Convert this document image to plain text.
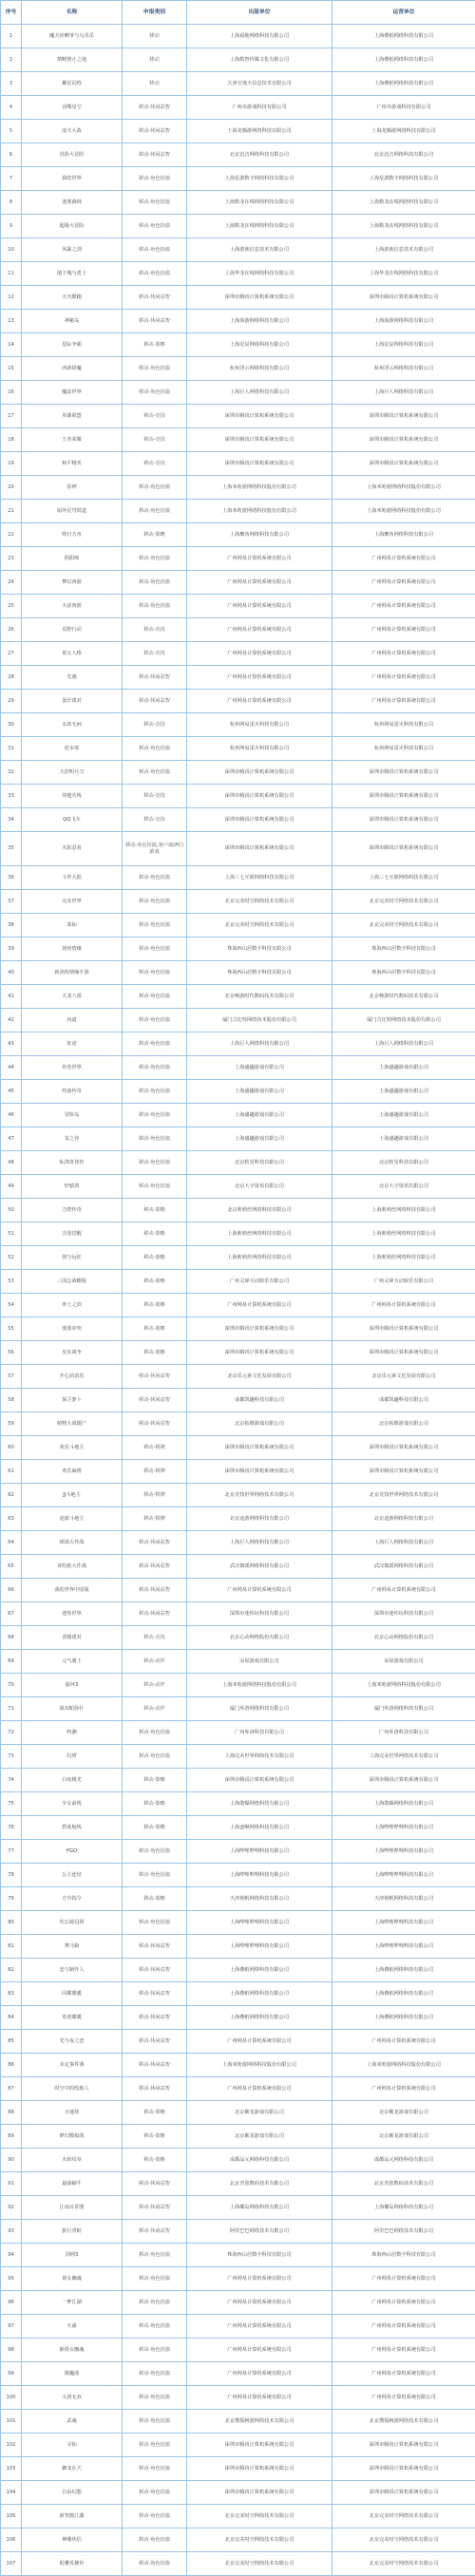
序号	名称	申报类别	出版单位	运营单位
1	魔犬铃啊爷与乌乐乐	移动	上海晨地网络科技有限公司	上海叠纸网络科技有限公司
2	禁断禁止之地	移动	上海数智传媒文化有限公司	上海叠纸网络科技有限公司
3	繁星闪烁	移动	天津宣逸天信息技术有限公司	上海叠纸网络科技有限公司
4	吞噬星空	移动-休闲益智	广州市游戏科技有限公司	广州市游戏科技有限公司
5	凌犬大战	移动-休闲益智	上海龙腾游网络科技有限公司	上海龙腾游网络科技有限公司
6	冒险大冒险	移动-休闲益智	北京迅音网络科技有限公司	北京迅音网络科技有限公司
7	我的世界	移动-角色扮演	上海星游数字网络科技有限公司	上海星游数字网络科技有限公司
8	迷雾森林	移动-角色扮演	上海数龙在线网络科技有限公司	上海数龙在线网络科技有限公司
9	超级大冒险	移动-角色扮演	上海数龙在线网络科技有限公司	上海数龙在线网络科技有限公司
10	风暴之剑	移动-角色扮演	上海游族信息技术有限公司	上海游族信息技术有限公司
11	地下城与勇士	移动-角色扮演	上海华龙在线网络科技有限公司	上海华龙在线网络科技有限公司
12	天天酷跑	移动-休闲益智	深圳市腾讯计算机系统有限公司	深圳市腾讯计算机系统有限公司
13	神秘岛	移动-休闲益智	上海海游网络科技有限公司	上海海游网络科技有限公司
14	星际争霸	移动-策略	上海星辰网络科技有限公司	上海星辰网络科技有限公司
15	西游降魔	移动-角色扮演	杭州浮云网络科技有限公司	杭州浮云网络科技有限公司
16	魔法世界	移动-角色扮演	上海巨人网络科技有限公司	上海巨人网络科技有限公司
17	英雄联盟	移动-竞技	深圳市腾讯计算机系统有限公司	深圳市腾讯计算机系统有限公司
18	王者荣耀	移动-竞技	深圳市腾讯计算机系统有限公司	深圳市腾讯计算机系统有限公司
19	和平精英	移动-竞技	深圳市腾讯计算机系统有限公司	深圳市腾讯计算机系统有限公司
20	原神	移动-角色扮演	上海米哈游网络科技股份有限公司	上海米哈游网络科技股份有限公司
21	崩坏星穹铁道	移动-角色扮演	上海米哈游网络科技股份有限公司	上海米哈游网络科技股份有限公司
22	明日方舟	移动-策略	上海鹰角网络科技有限公司	上海鹰角网络科技有限公司
23	阴阳师	移动-角色扮演	广州网易计算机系统有限公司	广州网易计算机系统有限公司
24	梦幻西游	移动-角色扮演	广州网易计算机系统有限公司	广州网易计算机系统有限公司
25	大话西游	移动-角色扮演	广州网易计算机系统有限公司	广州网易计算机系统有限公司
26	荒野行动	移动-竞技	广州网易计算机系统有限公司	广州网易计算机系统有限公司
27	第五人格	移动-竞技	广州网易计算机系统有限公司	广州网易计算机系统有限公司
28	光遇	移动-休闲益智	广州网易计算机系统有限公司	广州网易计算机系统有限公司
29	蛋仔派对	移动-休闲益智	广州网易计算机系统有限公司	广州网易计算机系统有限公司
30	永劫无间	移动-竞技	杭州网易雷火科技有限公司	杭州网易雷火科技有限公司
31	逆水寒	移动-角色扮演	杭州网易雷火科技有限公司	杭州网易雷火科技有限公司
32	天涯明月刀	移动-角色扮演	深圳市腾讯计算机系统有限公司	深圳市腾讯计算机系统有限公司
33	穿越火线	移动-竞技	深圳市腾讯计算机系统有限公司	深圳市腾讯计算机系统有限公司
34	QQ飞车	移动-竞技	深圳市腾讯计算机系统有限公司	深圳市腾讯计算机系统有限公司
35	火影忍者	移动-角色扮演,客户端(PC)游戏	深圳市腾讯计算机系统有限公司	深圳市腾讯计算机系统有限公司
36	斗罗大陆	移动-角色扮演	上海三七互娱网络科技有限公司	上海三七互娱网络科技有限公司
37	完美世界	移动-角色扮演	北京完美时空网络技术有限公司	北京完美时空网络技术有限公司
38	诛仙	移动-角色扮演	北京完美时空网络技术有限公司	北京完美时空网络技术有限公司
39	剑侠情缘	移动-角色扮演	珠海西山居数字科技有限公司	珠海西山居数字科技有限公司
40	新剑侠情缘手游	移动-角色扮演	珠海西山居数字科技有限公司	珠海西山居数字科技有限公司
41	天龙八部	移动-角色扮演	北京畅游时代数码技术有限公司	北京畅游时代数码技术有限公司
42	问道	移动-角色扮演	厦门吉比特网络技术股份有限公司	厦门吉比特网络技术股份有限公司
43	征途	移动-角色扮演	上海巨人网络科技有限公司	上海巨人网络科技有限公司
44	传奇世界	移动-角色扮演	上海盛趣游戏有限公司	上海盛趣游戏有限公司
45	热血传奇	移动-角色扮演	上海盛趣游戏有限公司	上海盛趣游戏有限公司
46	冒险岛	移动-角色扮演	上海盛趣游戏有限公司	上海盛趣游戏有限公司
47	龙之谷	移动-角色扮演	上海盛趣游戏有限公司	上海盛趣游戏有限公司
48	仙剑奇侠传	移动-角色扮演	北京软星科技有限公司	北京软星科技有限公司
49	轩辕剑	移动-角色扮演	北京大宇资讯有限公司	北京大宇资讯有限公司
50	刀塔传奇	移动-策略	北京莉莉丝网络科技有限公司	上海莉莉丝网络科技有限公司
51	万国觉醒	移动-策略	上海莉莉丝网络科技有限公司	上海莉莉丝网络科技有限公司
52	剑与远征	移动-策略	上海莉莉丝网络科技有限公司	上海莉莉丝网络科技有限公司
53	三国志战略版	移动-策略	广州灵犀互动娱乐有限公司	广州灵犀互动娱乐有限公司
54	率土之滨	移动-策略	广州网易计算机系统有限公司	广州网易计算机系统有限公司
55	部落冲突	移动-策略	深圳市腾讯计算机系统有限公司	深圳市腾讯计算机系统有限公司
56	皇室战争	移动-策略	深圳市腾讯计算机系统有限公司	深圳市腾讯计算机系统有限公司
57	开心消消乐	移动-休闲益智	北京乐元素文化发展有限公司	北京乐元素文化发展有限公司
58	保卫萝卜	移动-休闲益智	成都凯趣科技有限公司	成都凯趣科技有限公司
59	植物大战僵尸	移动-休闲益智	北京拓维游戏有限公司	北京拓维游戏有限公司
60	欢乐斗地主	移动-棋牌	深圳市腾讯计算机系统有限公司	深圳市腾讯计算机系统有限公司
61	欢乐麻将	移动-棋牌	深圳市腾讯计算机系统有限公司	深圳市腾讯计算机系统有限公司
62	JJ斗地主	移动-棋牌	北京竞技世界网络技术有限公司	北京竞技世界网络技术有限公司
63	途游斗地主	移动-棋牌	北京途游网络科技有限公司	北京途游网络科技有限公司
64	球球大作战	移动-休闲益智	上海巨人网络科技有限公司	上海巨人网络科技有限公司
65	贪吃蛇大作战	移动-休闲益智	武汉微派网络科技有限公司	武汉微派网络科技有限公司
66	我的世界中国版	移动-休闲益智	广州网易计算机系统有限公司	广州网易计算机系统有限公司
67	迷你世界	移动-休闲益智	深圳市迷你玩科技有限公司	深圳市迷你玩科技有限公司
68	香肠派对	移动-竞技	北京心动网络股份有限公司	北京心动网络股份有限公司
69	元气骑士	移动-动作	凉屋游戏有限公司	凉屋游戏有限公司
70	崩坏3	移动-动作	上海米哈游网络科技股份有限公司	上海米哈游网络科技股份有限公司
71	战双帕弥什	移动-动作	厦门库洛网络科技有限公司	厦门库洛网络科技有限公司
72	鸣潮	移动-角色扮演	广州库洛科技有限公司	广州库洛科技有限公司
73	幻塔	移动-角色扮演	上海完美世界网络技术有限公司	上海完美世界网络技术有限公司
74	白夜极光	移动-策略	深圳市腾讯计算机系统有限公司	深圳市腾讯计算机系统有限公司
75	少女前线	移动-策略	上海散爆网络科技有限公司	上海散爆网络科技有限公司
76	碧蓝航线	移动-策略	上海蛮啾网络科技有限公司	上海哔哩哔哩科技有限公司
77	FGO	移动-角色扮演	上海哔哩哔哩科技有限公司	上海哔哩哔哩科技有限公司
78	公主连结	移动-角色扮演	上海哔哩哔哩科技有限公司	上海哔哩哔哩科技有限公司
79	方舟指令	移动-策略	天津视帆网络科技有限公司	天津视帆网络科技有限公司
80	坎公骑冠剑	移动-角色扮演	上海哔哩哔哩科技有限公司	上海哔哩哔哩科技有限公司
81	赛马娘	移动-休闲益智	上海哔哩哔哩科技有限公司	上海哔哩哔哩科技有限公司
82	恋与制作人	移动-休闲益智	上海叠纸网络科技有限公司	上海叠纸网络科技有限公司
83	闪耀暖暖	移动-休闲益智	上海叠纸网络科技有限公司	上海叠纸网络科技有限公司
84	奇迹暖暖	移动-休闲益智	上海叠纸网络科技有限公司	上海叠纸网络科技有限公司
85	光与夜之恋	移动-休闲益智	广州网易计算机系统有限公司	广州网易计算机系统有限公司
86	未定事件簿	移动-休闲益智	上海米哈游网络科技股份有限公司	上海米哈游网络科技股份有限公司
87	时空中的绘旅人	移动-休闲益智	广州网易计算机系统有限公司	广州网易计算机系统有限公司
88	天地劫	移动-策略	北京紫龙游戏有限公司	北京紫龙游戏有限公司
89	梦幻模拟战	移动-策略	北京紫龙游戏有限公司	北京紫龙游戏有限公司
90	火焰纹章	移动-策略	成都品元网络科技有限公司	成都品元网络科技有限公司
91	最强蜗牛	移动-休闲益智	北京青瓷数码技术有限公司	北京青瓷数码技术有限公司
92	江南百景图	移动-休闲益智	上海椰岛网络科技有限公司	上海椰岛网络科技有限公司
93	旅行青蛙	移动-休闲益智	阿里巴巴网络技术有限公司	阿里巴巴网络技术有限公司
94	剑网3	移动-角色扮演	珠海西山居数字科技有限公司	珠海西山居数字科技有限公司
95	倩女幽魂	移动-角色扮演	广州网易计算机系统有限公司	广州网易计算机系统有限公司
96	一梦江湖	移动-角色扮演	广州网易计算机系统有限公司	广州网易计算机系统有限公司
97	天谕	移动-角色扮演	广州网易计算机系统有限公司	广州网易计算机系统有限公司
98	新倩女幽魂	移动-角色扮演	广州网易计算机系统有限公司	广州网易计算机系统有限公司
99	镇魔曲	移动-角色扮演	广州网易计算机系统有限公司	广州网易计算机系统有限公司
100	大唐无双	移动-角色扮演	广州网易计算机系统有限公司	广州网易计算机系统有限公司
101	武魂	移动-角色扮演	北京搜狐畅游网络技术有限公司	北京搜狐畅游网络技术有限公司
102	寻仙	移动-角色扮演	深圳市腾讯计算机系统有限公司	深圳市腾讯计算机系统有限公司
103	御龙在天	移动-角色扮演	深圳市腾讯计算机系统有限公司	深圳市腾讯计算机系统有限公司
104	自由幻想	移动-角色扮演	深圳市腾讯计算机系统有限公司	深圳市腾讯计算机系统有限公司
105	新笑傲江湖	移动-角色扮演	北京完美时空网络技术有限公司	北京完美时空网络技术有限公司
106	神雕侠侣	移动-角色扮演	北京完美时空网络技术有限公司	北京完美时空网络技术有限公司
107	射雕英雄传	移动-角色扮演	北京完美时空网络技术有限公司	北京完美时空网络技术有限公司
